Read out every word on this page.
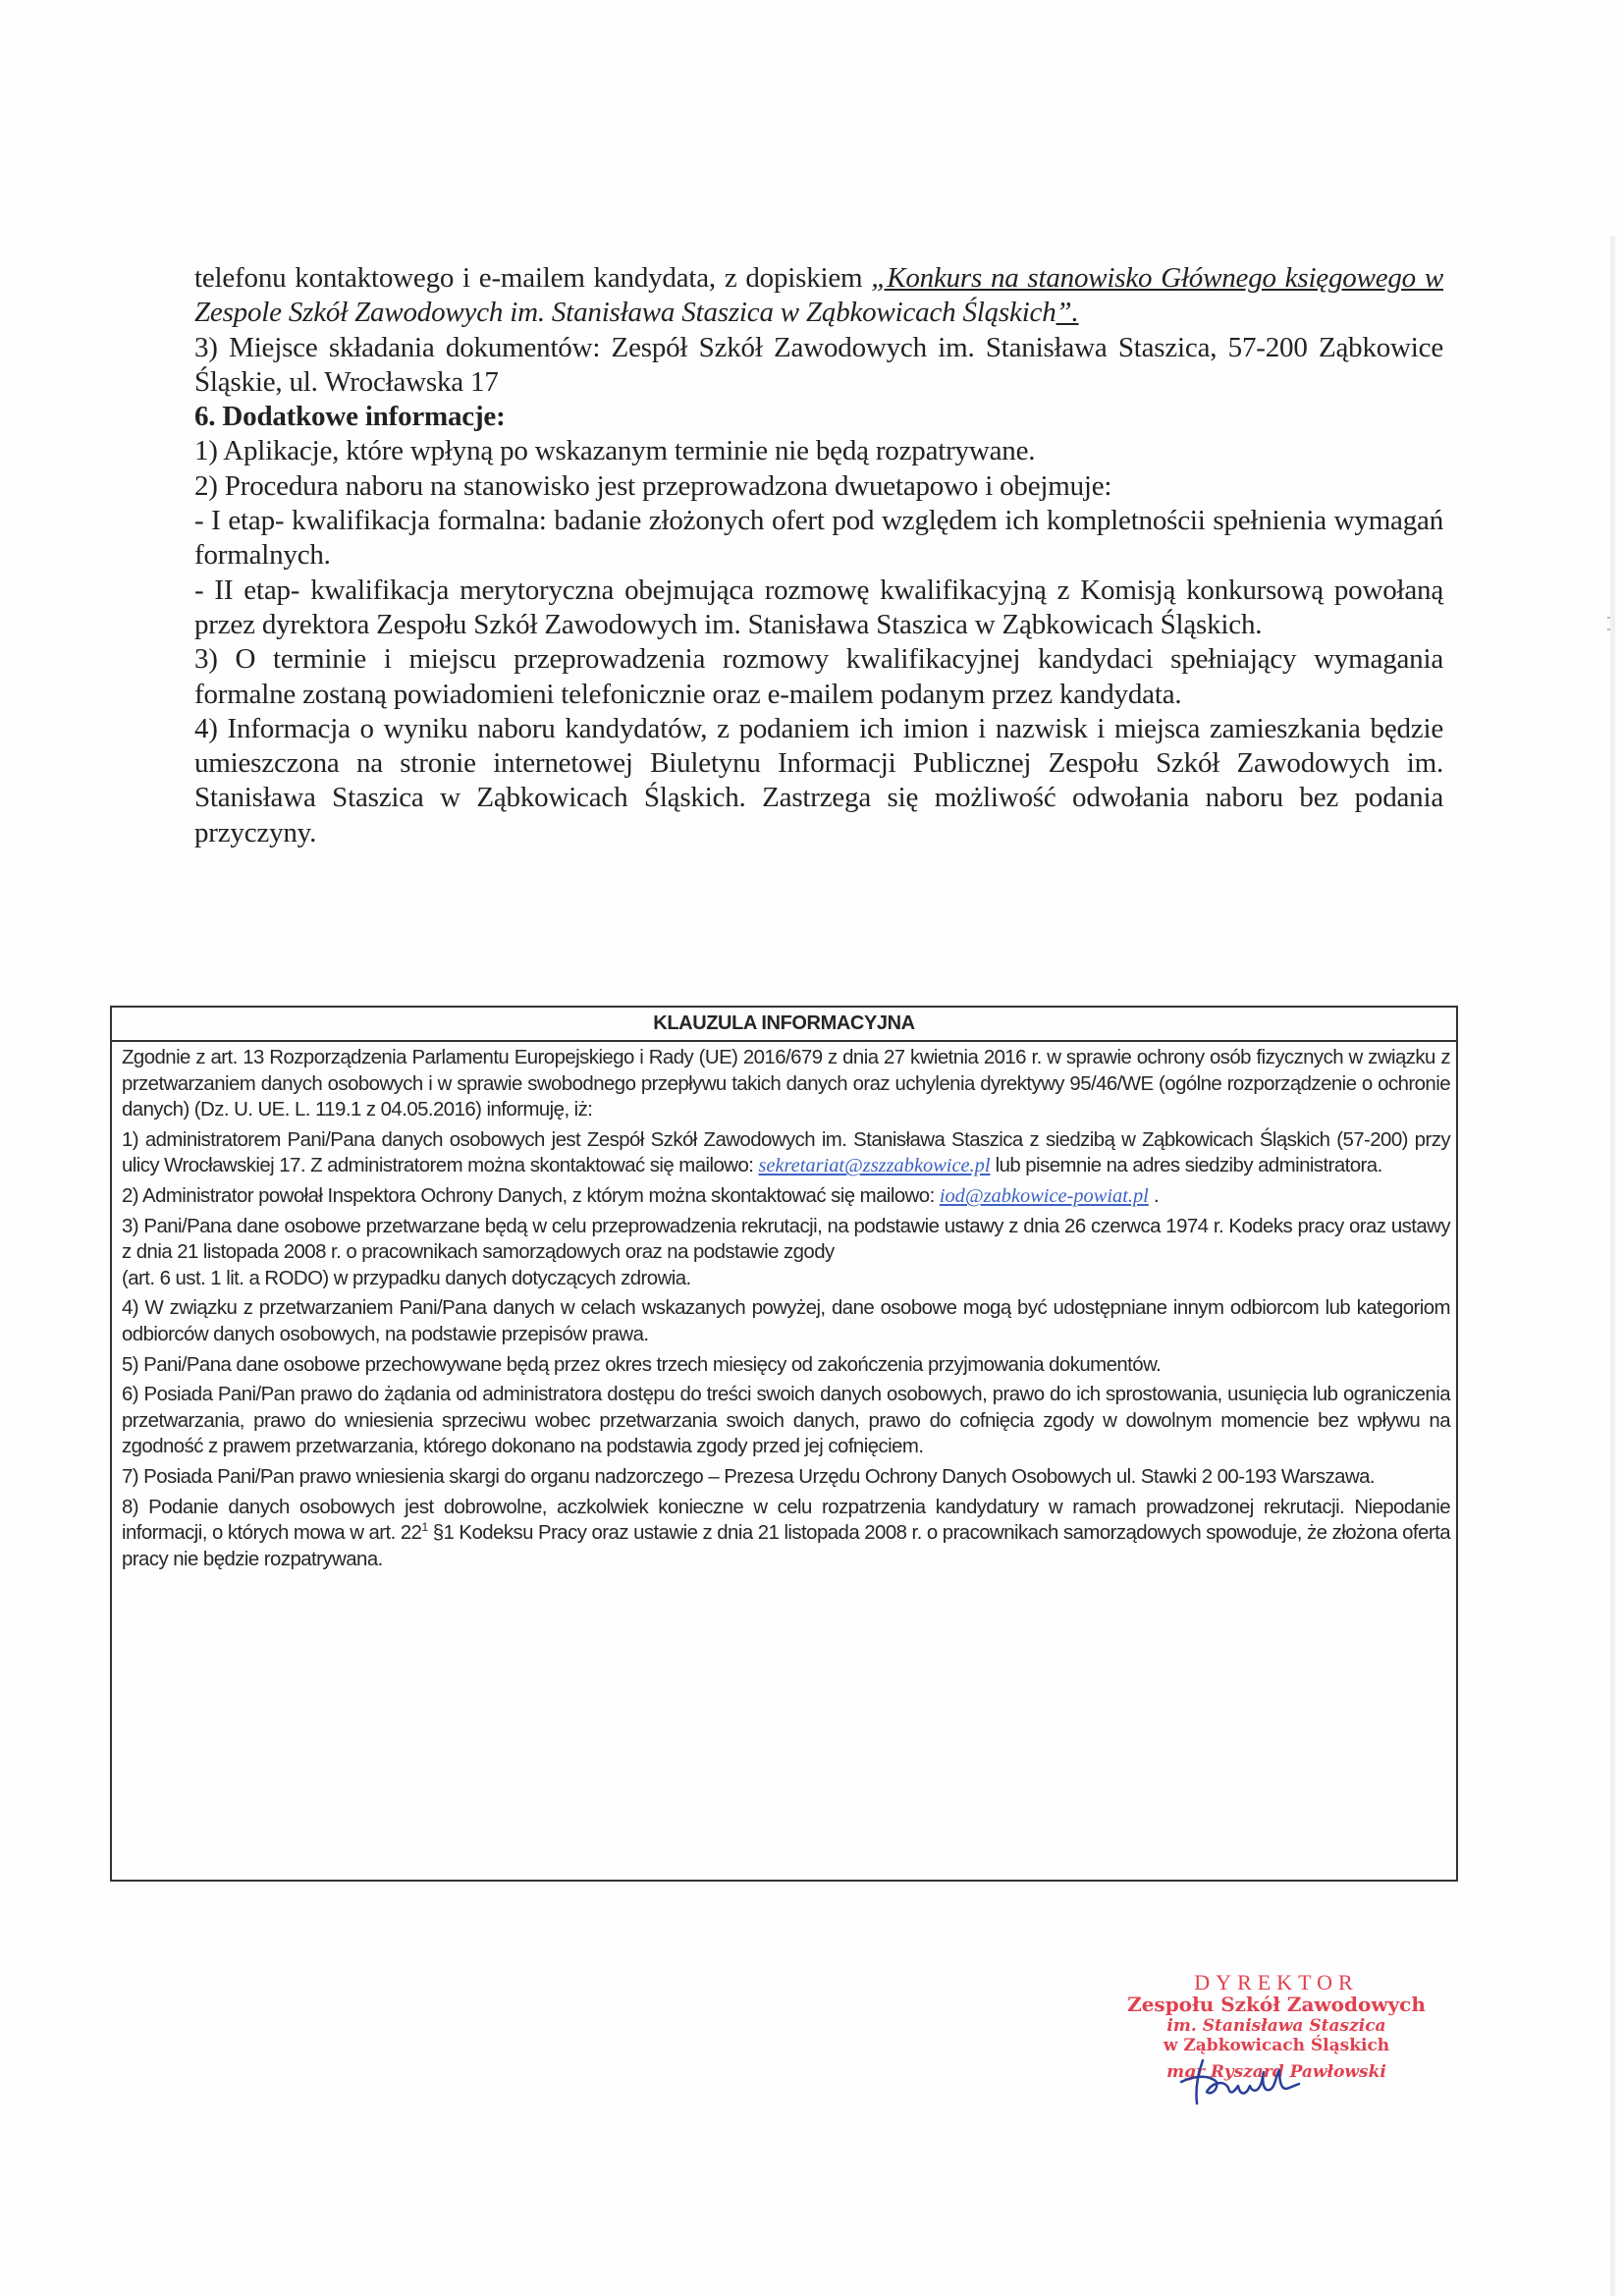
telefonu kontaktowego i e-mailem kandydata, z dopiskiem „Konkurs na stanowisko Głównego księgowego w Zespole Szkół Zawodowych im. Stanisława Staszica w Ząbkowicach Śląskich”.

3) Miejsce składania dokumentów: Zespół Szkół Zawodowych im. Stanisława Staszica, 57-200 Ząbkowice Śląskie, ul. Wrocławska 17

6. Dodatkowe informacje:

1) Aplikacje, które wpłyną po wskazanym terminie nie będą rozpatrywane.

2) Procedura naboru na stanowisko jest przeprowadzona dwuetapowo i obejmuje:

- I etap- kwalifikacja formalna: badanie złożonych ofert pod względem ich kompletnościi spełnienia wymagań formalnych.

- II etap- kwalifikacja merytoryczna obejmująca rozmowę kwalifikacyjną z Komisją konkursową powołaną przez dyrektora Zespołu Szkół Zawodowych im. Stanisława Staszica w Ząbkowicach Śląskich.

3) O terminie i miejscu przeprowadzenia rozmowy kwalifikacyjnej kandydaci spełniający wymagania formalne zostaną powiadomieni telefonicznie oraz e-mailem podanym przez kandydata.

4) Informacja o wyniku naboru kandydatów, z podaniem ich imion i nazwisk i miejsca zamieszkania będzie umieszczona na stronie internetowej Biuletynu Informacji Publicznej Zespołu Szkół Zawodowych im. Stanisława Staszica w Ząbkowicach Śląskich. Zastrzega się możliwość odwołania naboru bez podania przyczyny.

KLAUZULA INFORMACYJNA

Zgodnie z art. 13 Rozporządzenia Parlamentu Europejskiego i Rady (UE) 2016/679 z dnia 27 kwietnia 2016 r. w sprawie ochrony osób fizycznych w związku z przetwarzaniem danych osobowych i w sprawie swobodnego przepływu takich danych oraz uchylenia dyrektywy 95/46/WE (ogólne rozporządzenie o ochronie danych) (Dz. U. UE. L. 119.1 z 04.05.2016) informuję, iż:

1) administratorem Pani/Pana danych osobowych jest Zespół Szkół Zawodowych im. Stanisława Staszica z siedzibą w Ząbkowicach Śląskich (57-200) przy ulicy Wrocławskiej 17. Z administratorem można skontaktować się mailowo: sekretariat@zszzabkowice.pl lub pisemnie na adres siedziby administratora.

2) Administrator powołał Inspektora Ochrony Danych, z którym można skontaktować się mailowo: iod@zabkowice-powiat.pl .

3) Pani/Pana dane osobowe przetwarzane będą w celu przeprowadzenia rekrutacji, na podstawie ustawy z dnia 26 czerwca 1974 r. Kodeks pracy oraz ustawy z dnia 21 listopada 2008 r. o pracownikach samorządowych oraz na podstawie zgody

(art. 6 ust. 1 lit. a RODO) w przypadku danych dotyczących zdrowia.

4) W związku z przetwarzaniem Pani/Pana danych w celach wskazanych powyżej, dane osobowe mogą być udostępniane innym odbiorcom lub kategoriom odbiorców danych osobowych, na podstawie przepisów prawa.

5) Pani/Pana dane osobowe przechowywane będą przez okres trzech miesięcy od zakończenia przyjmowania dokumentów.

6) Posiada Pani/Pan prawo do żądania od administratora dostępu do treści swoich danych osobowych, prawo do ich sprostowania, usunięcia lub ograniczenia przetwarzania, prawo do wniesienia sprzeciwu wobec przetwarzania swoich danych, prawo do cofnięcia zgody w dowolnym momencie bez wpływu na zgodność z prawem przetwarzania, którego dokonano na podstawia zgody przed jej cofnięciem.

7) Posiada Pani/Pan prawo wniesienia skargi do organu nadzorczego – Prezesa Urzędu Ochrony Danych Osobowych ul. Stawki 2 00-193 Warszawa.

8) Podanie danych osobowych jest dobrowolne, aczkolwiek konieczne w celu rozpatrzenia kandydatury w ramach prowadzonej rekrutacji. Niepodanie informacji, o których mowa w art. $22^1$ §1 Kodeksu Pracy oraz ustawie z dnia 21 listopada 2008 r. o pracownikach samorządowych spowoduje, że złożona oferta pracy nie będzie rozpatrywana.

DYREKTOR
Zespołu Szkół Zawodowych
im. Stanisława Staszica
w Ząbkowicach Śląskich
mgr Ryszard Pawłowski
